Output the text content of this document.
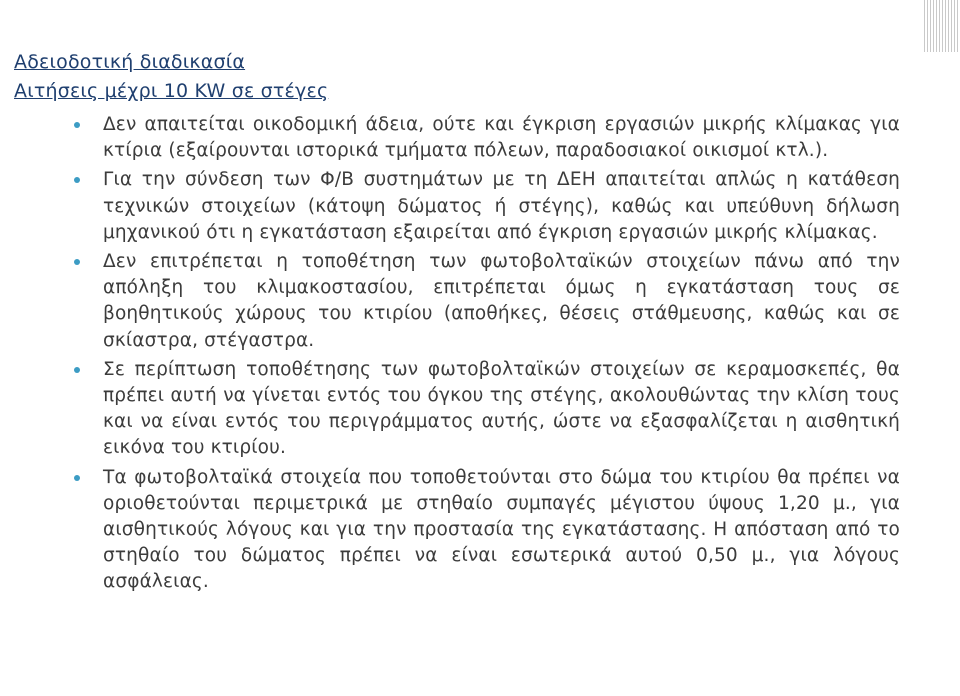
Αδειοδοτική διαδικασία
Αιτήσεις μέχρι 10 KW σε στέγες
Δεν απαιτείται οικοδομική άδεια, ούτε και έγκριση εργασιών μικρής κλίμακας για κτίρια (εξαίρουνται ιστορικά τμήματα πόλεων, παραδοσιακοί οικισμοί κτλ.).
Για την σύνδεση των Φ/Β συστημάτων με τη ΔΕΗ απαιτείται απλώς η κατάθεση τεχνικών στοιχείων (κάτοψη δώματος ή στέγης), καθώς και υπεύθυνη δήλωση μηχανικού ότι η εγκατάσταση εξαιρείται από έγκριση εργασιών μικρής κλίμακας.
Δεν επιτρέπεται η τοποθέτηση των φωτοβολταϊκών στοιχείων πάνω από την απόληξη του κλιμακοστασίου, επιτρέπεται όμως η εγκατάσταση τους σε βοηθητικούς χώρους του κτιρίου (αποθήκες, θέσεις στάθμευσης, καθώς και σε σκίαστρα, στέγαστρα.
Σε περίπτωση τοποθέτησης των φωτοβολταϊκών στοιχείων σε κεραμοσκεπές, θα πρέπει αυτή να γίνεται εντός του όγκου της στέγης, ακολουθώντας την κλίση τους και να είναι εντός του περιγράμματος αυτής, ώστε να εξασφαλίζεται η αισθητική εικόνα του κτιρίου.
Τα φωτοβολταϊκά στοιχεία που τοποθετούνται στο δώμα του κτιρίου θα πρέπει να οριοθετούνται περιμετρικά με στηθαίο συμπαγές μέγιστου ύψους 1,20 μ., για αισθητικούς λόγους και για την προστασία της εγκατάστασης. Η απόσταση από το στηθαίο του δώματος πρέπει να είναι εσωτερικά αυτού 0,50 μ., για λόγους ασφάλειας.
